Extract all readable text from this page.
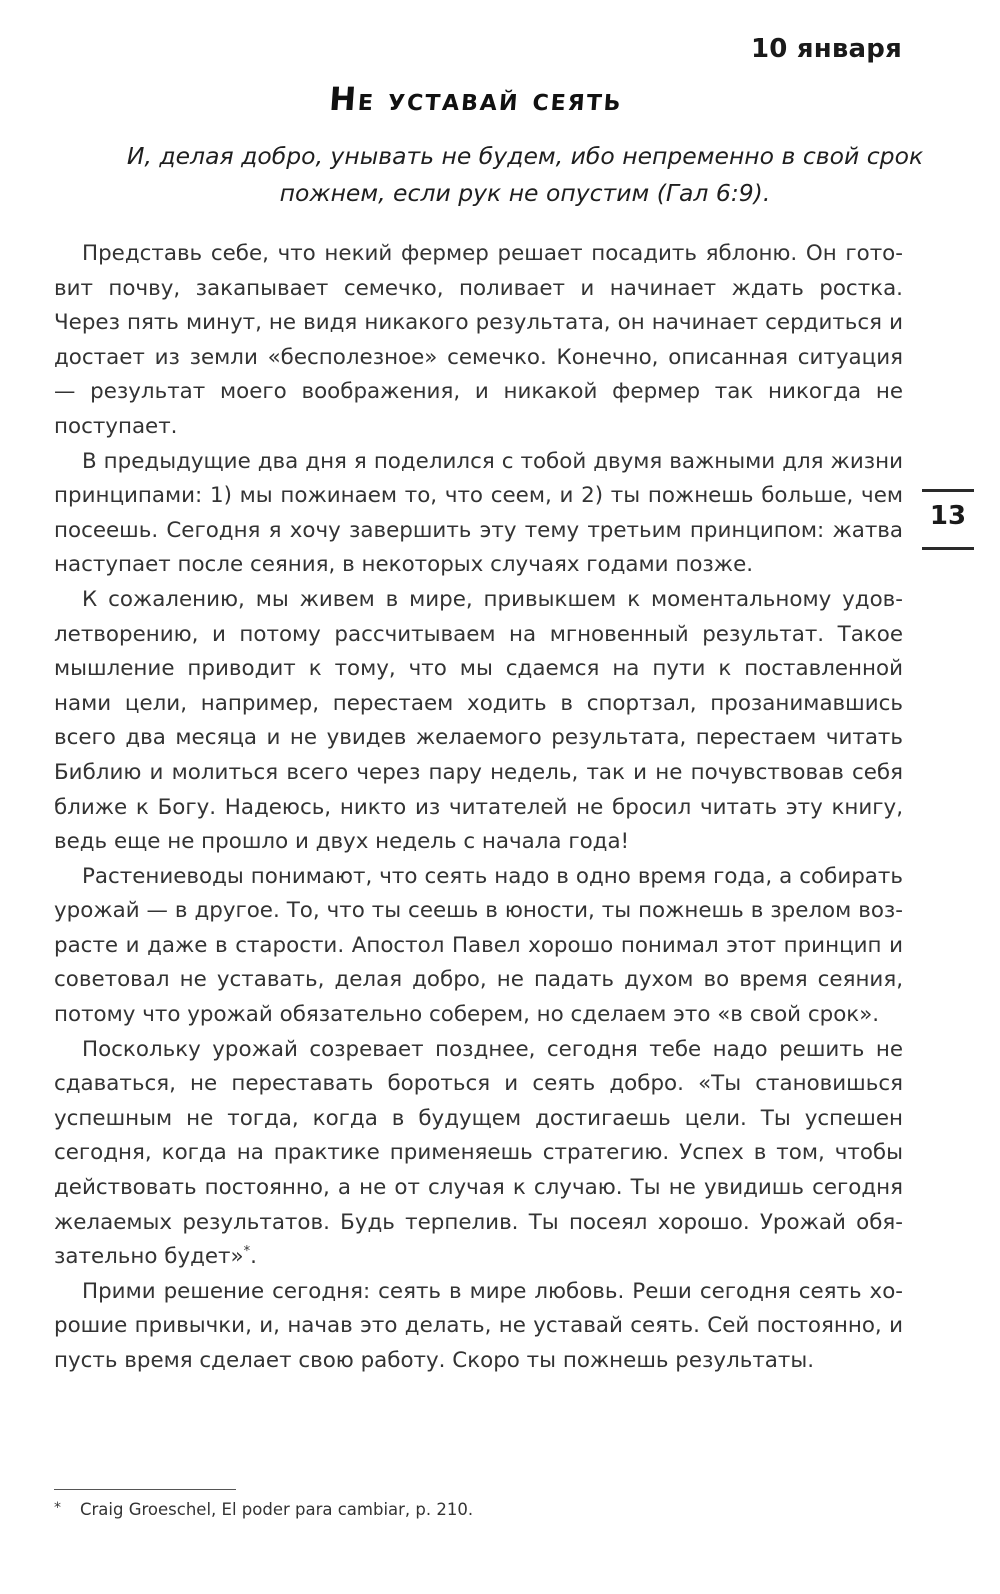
10 января
Не уставай сеять
И, делая добро, унывать не будем, ибо непременно в свой срок
пожнем, если рук не опустим (Гал 6:9).

Представь себе, что некий фермер решает посадить яблоню. Он готовит почву, закапывает семечко, поливает и начинает ждать ростка. Через пять минут, не видя никакого результата, он начинает сердиться и достает из земли «бесполезное» семечко. Конечно, описанная ситуация — результат моего воображения, и никакой фермер так никогда не поступает.

В предыдущие два дня я поделился с тобой двумя важными для жизни принципами: 1) мы пожинаем то, что сеем, и 2) ты пожнешь больше, чем посеешь. Сегодня я хочу завершить эту тему третьим принципом: жатва наступает после сеяния, в некоторых случаях годами позже.

К сожалению, мы живем в мире, привыкшем к моментальному удовлетворению, и потому рассчитываем на мгновенный результат. Такое мышление приводит к тому, что мы сдаемся на пути к поставленной нами цели, например, перестаем ходить в спортзал, прозанимавшись всего два месяца и не увидев желаемого результата, перестаем читать Библию и молиться всего через пару недель, так и не почувствовав себя ближе к Богу. Надеюсь, никто из читателей не бросил читать эту книгу, ведь еще не прошло и двух недель с начала года!

Растениеводы понимают, что сеять надо в одно время года, а собирать урожай — в другое. То, что ты сеешь в юности, ты пожнешь в зрелом возрасте и даже в старости. Апостол Павел хорошо понимал этот принцип и советовал не уставать, делая добро, не падать духом во время сеяния, потому что урожай обязательно соберем, но сделаем это «в свой срок».

Поскольку урожай созревает позднее, сегодня тебе надо решить не сдаваться, не переставать бороться и сеять добро. «Ты становишься успешным не тогда, когда в будущем достигаешь цели. Ты успешен сегодня, когда на практике применяешь стратегию. Успех в том, чтобы действовать постоянно, а не от случая к случаю. Ты не увидишь сегодня желаемых результатов. Будь терпелив. Ты посеял хорошо. Урожай обязательно будет»*.

Прими решение сегодня: сеять в мире любовь. Реши сегодня сеять хорошие привычки, и, начав это делать, не уставай сеять. Сей постоянно, и пусть время сделает свою работу. Скоро ты пожнешь результаты.

13
* Craig Groeschel, El poder para cambiar, p. 210.
